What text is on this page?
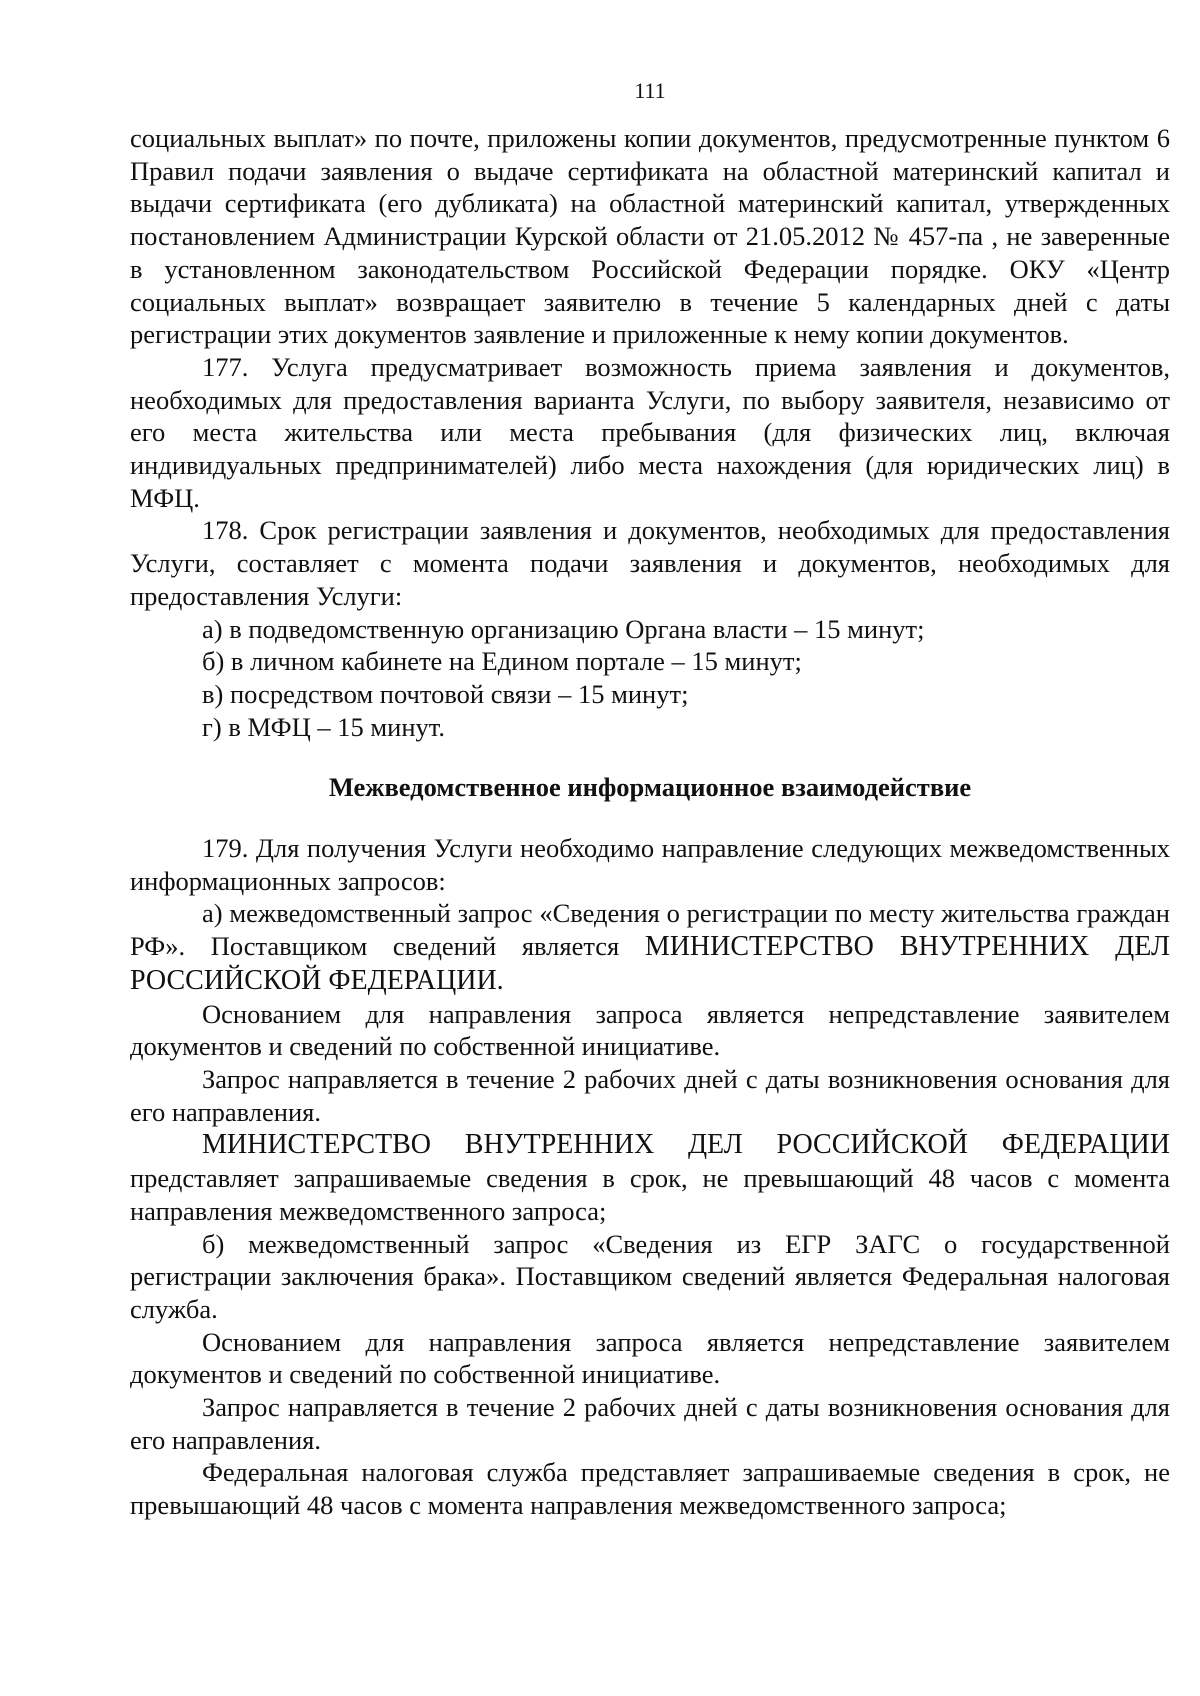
111

социальных выплат» по почте, приложены копии документов, предусмотренные пунктом 6 Правил подачи заявления о выдаче сертификата на областной материнский капитал и выдачи сертификата (его дубликата) на областной материнский капитал, утвержденных постановлением Администрации Курской области от 21.05.2012 № 457-па , не заверенные в установленном законодательством Российской Федерации порядке. ОКУ «Центр социальных выплат» возвращает заявителю в течение 5 календарных дней с даты регистрации этих документов заявление и приложенные к нему копии документов.

177. Услуга предусматривает возможность приема заявления и документов, необходимых для предоставления варианта Услуги, по выбору заявителя, независимо от его места жительства или места пребывания (для физических лиц, включая индивидуальных предпринимателей) либо места нахождения (для юридических лиц) в МФЦ.

178. Срок регистрации заявления и документов, необходимых для предоставления Услуги, составляет с момента подачи заявления и документов, необходимых для предоставления Услуги:

а) в подведомственную организацию Органа власти – 15 минут;

б) в личном кабинете на Едином портале – 15 минут;

в) посредством почтовой связи – 15 минут;

г) в МФЦ – 15 минут.

Межведомственное информационное взаимодействие

179. Для получения Услуги необходимо направление следующих межведомственных информационных запросов:

а) межведомственный запрос «Сведения о регистрации по месту жительства граждан РФ». Поставщиком сведений является МИНИСТЕРСТВО ВНУТРЕННИХ ДЕЛ РОССИЙСКОЙ ФЕДЕРАЦИИ.

Основанием для направления запроса является непредставление заявителем документов и сведений по собственной инициативе.

Запрос направляется в течение 2 рабочих дней с даты возникновения основания для его направления.

МИНИСТЕРСТВО ВНУТРЕННИХ ДЕЛ РОССИЙСКОЙ ФЕДЕРАЦИИ представляет запрашиваемые сведения в срок, не превышающий 48 часов с момента направления межведомственного запроса;

б) межведомственный запрос «Сведения из ЕГР ЗАГС о государственной регистрации заключения брака». Поставщиком сведений является Федеральная налоговая служба.

Основанием для направления запроса является непредставление заявителем документов и сведений по собственной инициативе.

Запрос направляется в течение 2 рабочих дней с даты возникновения основания для его направления.

Федеральная налоговая служба представляет запрашиваемые сведения в срок, не превышающий 48 часов с момента направления межведомственного запроса;
